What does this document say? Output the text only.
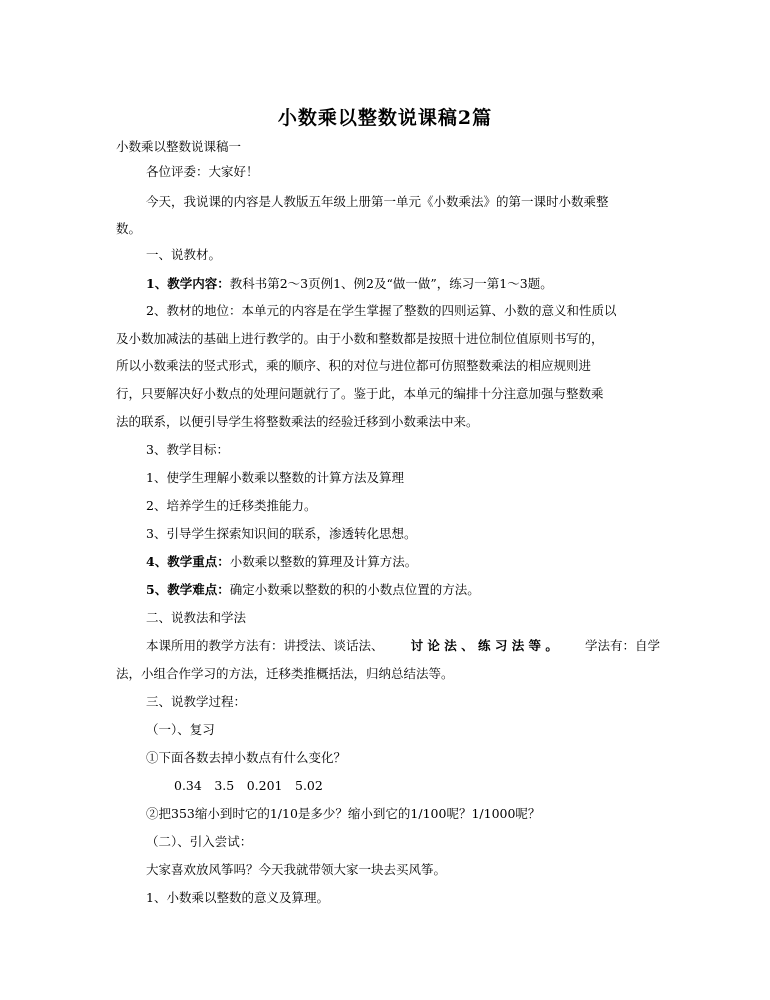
小数乘以整数说课稿2篇
小数乘以整数说课稿一
各位评委：大家好！
今天，我说课的内容是人教版五年级上册第一单元《小数乘法》的第一课时小数乘整
数。
一、说教材。
1、教学内容：教科书第2～3页例1、例2及“做一做”，练习一第1～3题。
2、教材的地位：本单元的内容是在学生掌握了整数的四则运算、小数的意义和性质以
及小数加减法的基础上进行教学的。由于小数和整数都是按照十进位制位值原则书写的，
所以小数乘法的竖式形式，乘的顺序、积的对位与进位都可仿照整数乘法的相应规则进
行，只要解决好小数点的处理问题就行了。鉴于此，本单元的编排十分注意加强与整数乘
法的联系，以便引导学生将整数乘法的经验迁移到小数乘法中来。
3、教学目标：
1、使学生理解小数乘以整数的计算方法及算理
2、培养学生的迁移类推能力。
3、引导学生探索知识间的联系，渗透转化思想。
4、教学重点：小数乘以整数的算理及计算方法。
5、教学难点：确定小数乘以整数的积的小数点位置的方法。
二、说教法和学法
本课所用的教学方法有：讲授法、谈话法、 讨 论 法 、 练 习 法 等 。 学法有：自学
法，小组合作学习的方法，迁移类推概括法，归纳总结法等。
三、说教学过程：
（一）、复习
①下面各数去掉小数点有什么变化？
0.34　3.5　0.201　5.02
②把353缩小到时它的1/10是多少？缩小到它的1/100呢？1/1000呢？
（二）、引入尝试：
大家喜欢放风筝吗？今天我就带领大家一块去买风筝。
1、小数乘以整数的意义及算理。
